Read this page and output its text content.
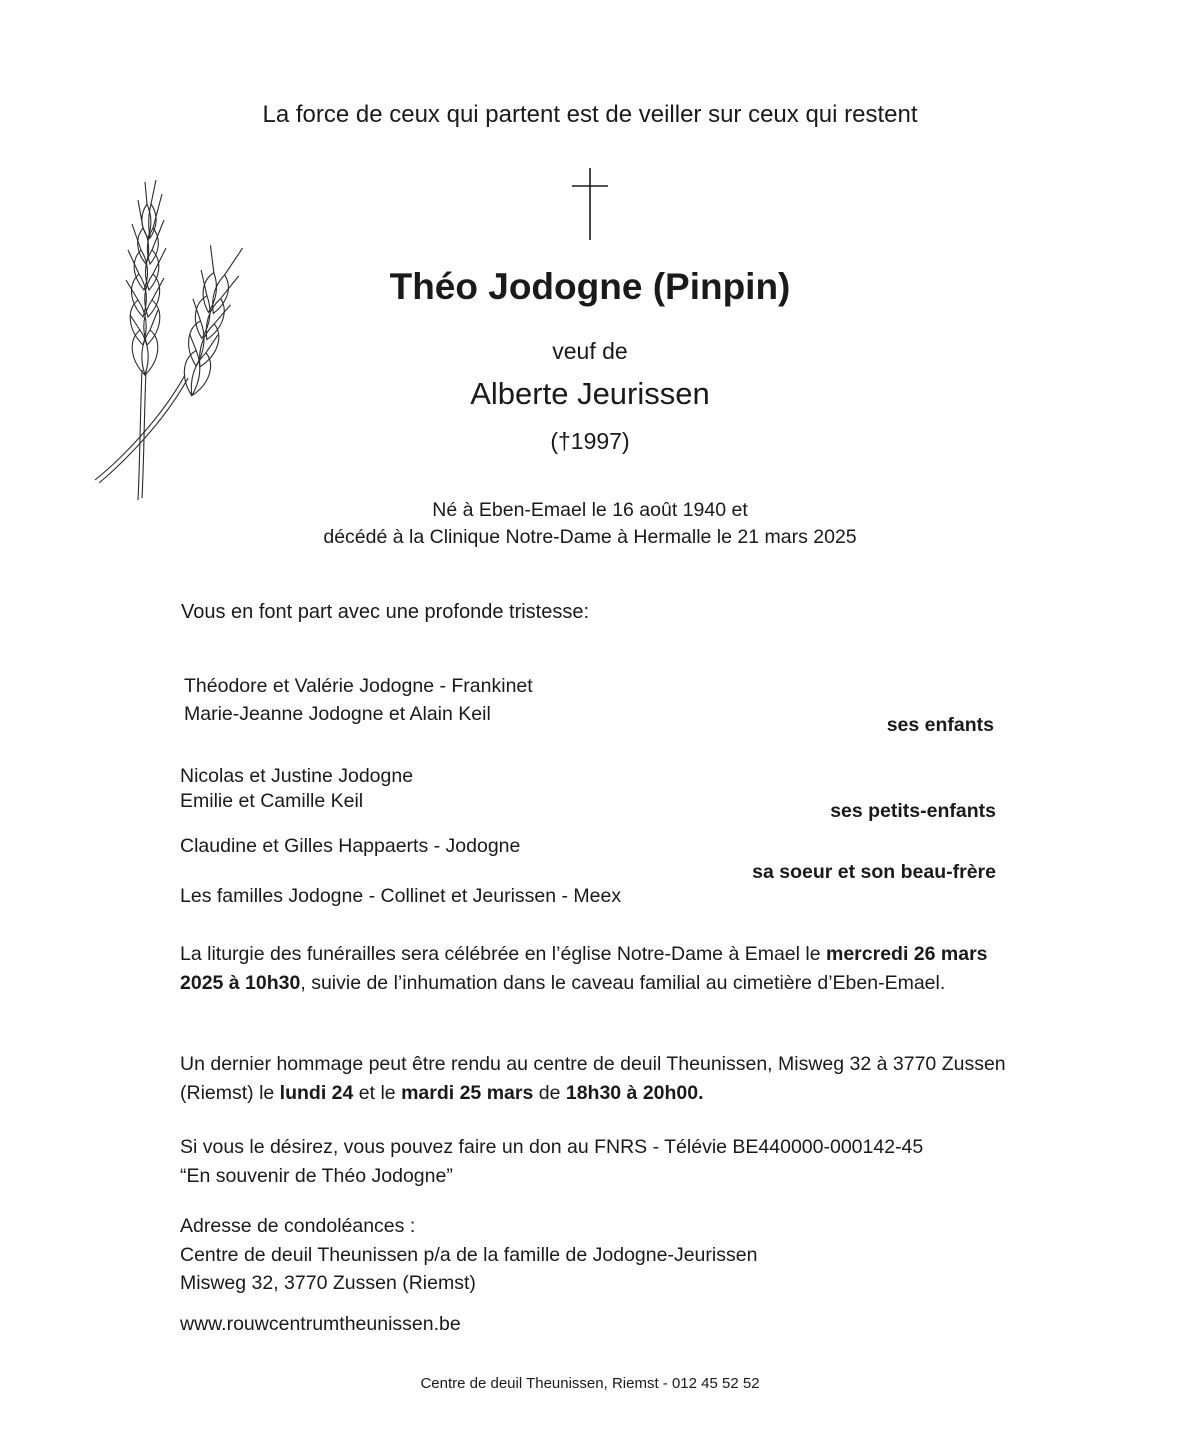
La force de ceux qui partent est de veiller sur ceux qui restent
Théo Jodogne (Pinpin)
veuf de
Alberte Jeurissen
(†1997)
Né à Eben-Emael le 16 août 1940 et
décédé à la Clinique Notre-Dame à Hermalle le 21 mars 2025
Vous en font part avec une profonde tristesse:
Théodore et Valérie Jodogne - Frankinet
Marie-Jeanne Jodogne et Alain Keil	ses enfants
Nicolas et Justine Jodogne
Emilie et Camille Keil	ses petits-enfants
Claudine et Gilles Happaerts - Jodogne
sa soeur et son beau-frère
Les familles Jodogne - Collinet et Jeurissen - Meex
La liturgie des funérailles sera célébrée en l’église Notre-Dame à Emael le mercredi 26 mars 2025 à 10h30, suivie de l’inhumation dans le caveau familial au cimetière d’Eben-Emael.
Un dernier hommage peut être rendu au centre de deuil Theunissen, Misweg 32 à 3770 Zussen (Riemst) le lundi 24 et le mardi 25 mars de 18h30 à 20h00.
Si vous le désirez, vous pouvez faire un don au FNRS - Télévie BE440000-000142-45
“En souvenir de Théo Jodogne”
Adresse de condoléances :
Centre de deuil Theunissen p/a de la famille de Jodogne-Jeurissen
Misweg 32, 3770 Zussen (Riemst)
www.rouwcentrumtheunissen.be
Centre de deuil Theunissen, Riemst - 012 45 52 52
